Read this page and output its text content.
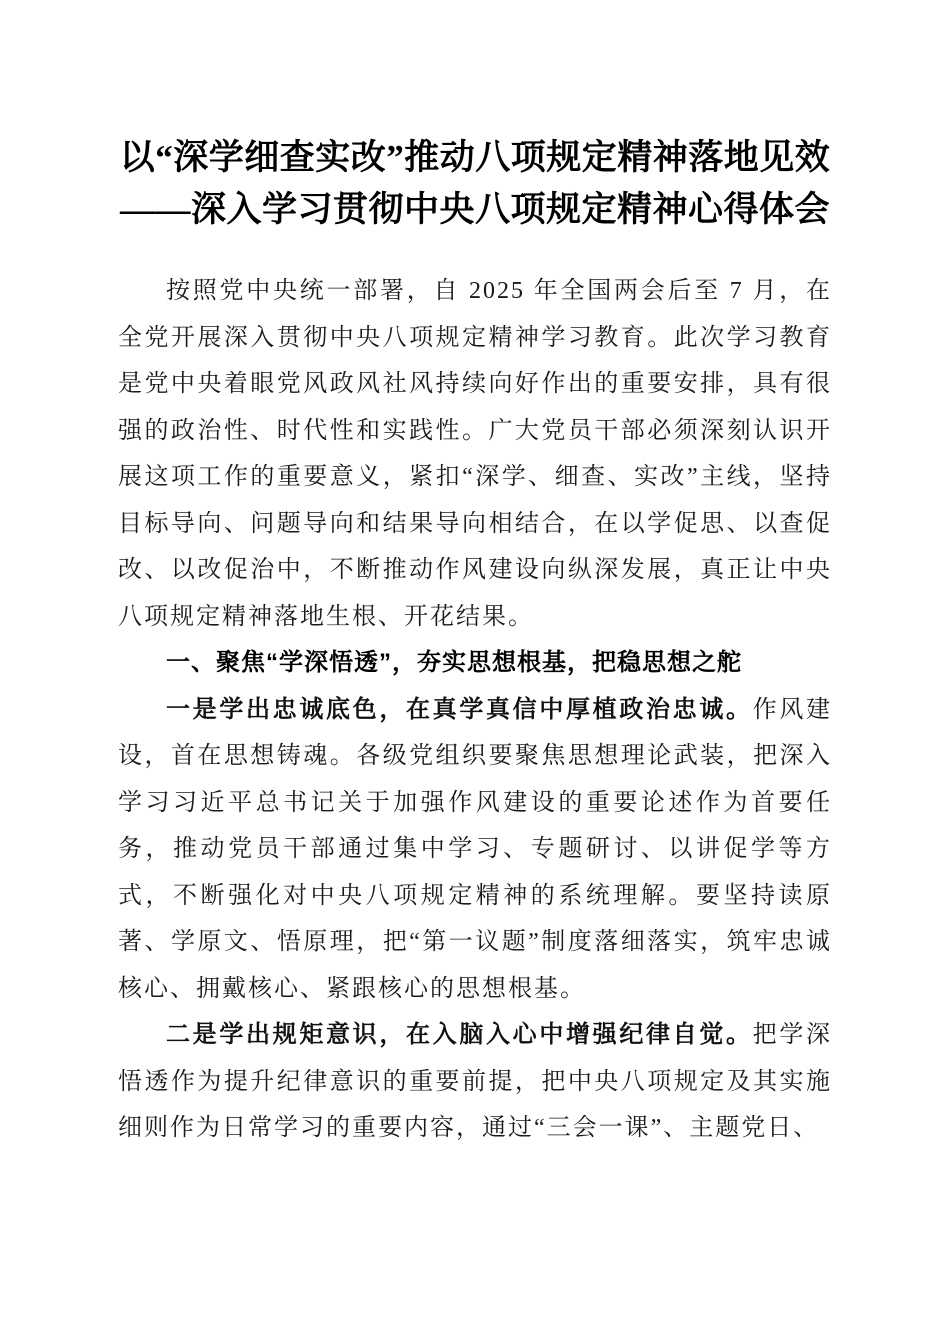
以“深学细查实改”推动八项规定精神落地见效——深入学习贯彻中央八项规定精神心得体会

按照党中央统一部署，自 2025 年全国两会后至 7 月，在全党开展深入贯彻中央八项规定精神学习教育。此次学习教育是党中央着眼党风政风社风持续向好作出的重要安排，具有很强的政治性、时代性和实践性。广大党员干部必须深刻认识开展这项工作的重要意义，紧扣“深学、细查、实改”主线，坚持目标导向、问题导向和结果导向相结合，在以学促思、以查促改、以改促治中，不断推动作风建设向纵深发展，真正让中央八项规定精神落地生根、开花结果。

一、聚焦“学深悟透”，夯实思想根基，把稳思想之舵

一是学出忠诚底色，在真学真信中厚植政治忠诚。作风建设，首在思想铸魂。各级党组织要聚焦思想理论武装，把深入学习习近平总书记关于加强作风建设的重要论述作为首要任务，推动党员干部通过集中学习、专题研讨、以讲促学等方式，不断强化对中央八项规定精神的系统理解。要坚持读原著、学原文、悟原理，把“第一议题”制度落细落实，筑牢忠诚核心、拥戴核心、紧跟核心的思想根基。

二是学出规矩意识，在入脑入心中增强纪律自觉。把学深悟透作为提升纪律意识的重要前提，把中央八项规定及其实施细则作为日常学习的重要内容，通过“三会一课”、主题党日、
